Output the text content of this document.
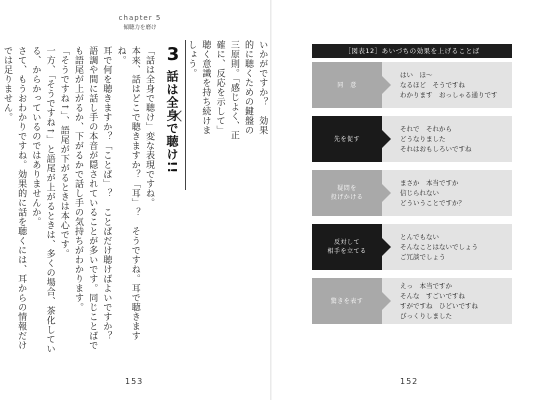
chapter 5
傾聴力を磨け
いかがですか？　効果的に聴くための鍵盤の三原則。「感じよく、正確に、反応を示して」聴く意識を持ち続けましょう。
3
話は全身で聴け!!

「話は全身で聴け」変な表現ですね。

本来、話はどこで聴きますか？「耳」？　そうですね。耳で聴きますね。

耳で何を聴きますか？「ことば」？　ことばだけ聴けばよいですか？

語調や間に話し手の本音が隠されていることが多いです。同じことばでも語尾が上がるか、下がるかで話し手の気持ちがわかります。

「そうですね↑」、語尾が下がるときは本心です。

一方、「そうですね↑」と語尾が上がるときは、多くの場合、茶化している、からかっているのではありませんか。

さて、もうおわかりですね。効果的に話を聴くには、耳からの情報だけでは足りません。

153
［図表12］あいづちの効果を上げることば
同　意
はい　ほ〜
なるほど　そうですね
わかります　おっしゃる通りです
先を促す
それで　それから
どうなりました
それはおもしろいですね
疑問を
投げかける
まさか　本当ですか
信じられない
どういうことですか？
反対して
相手を立てる
とんでもない
そんなことはないでしょう
ご冗談でしょう
驚きを表す
えっ　本当ですか
そんな　すごいですね
すがですね　ひどいですね
びっくりしました
152
